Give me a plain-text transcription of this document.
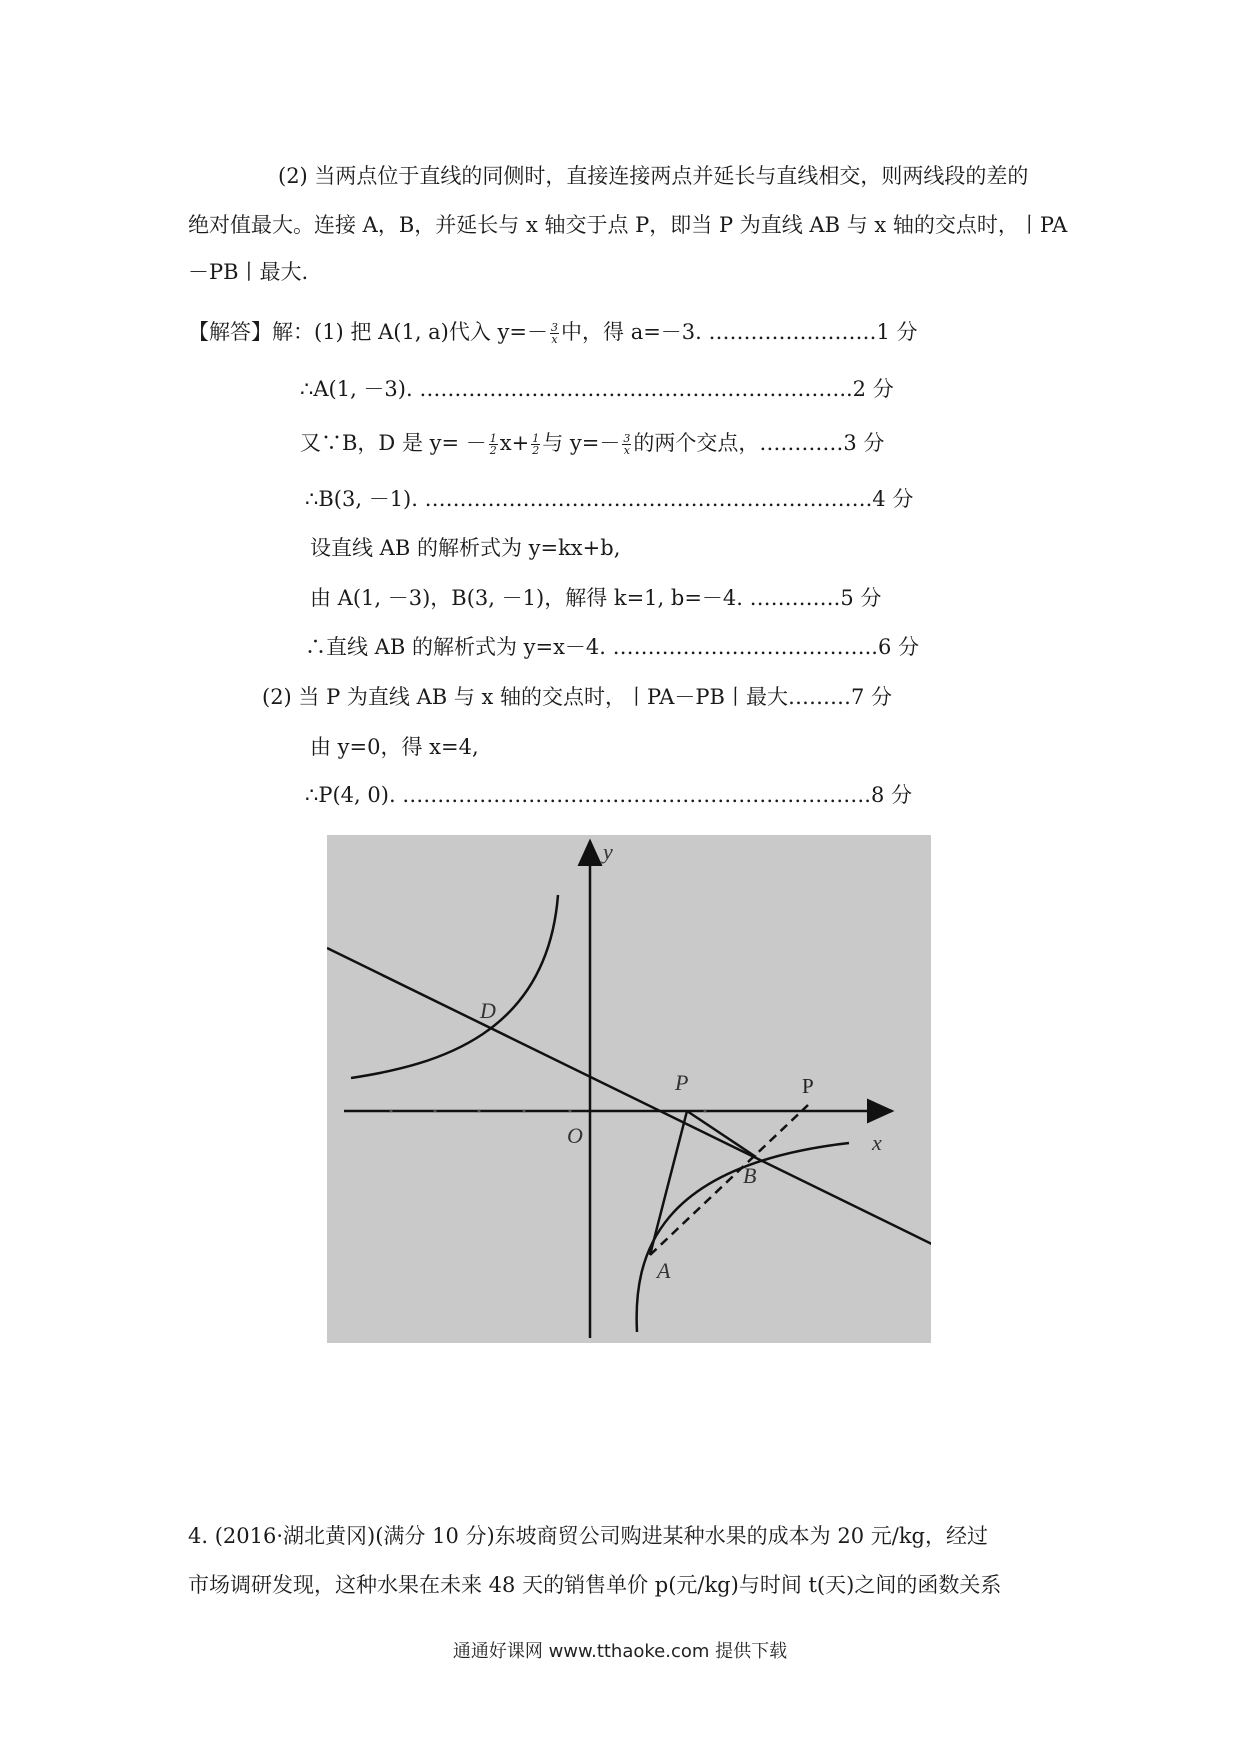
(2) 当两点位于直线的同侧时，直接连接两点并延长与直线相交，则两线段的差的
绝对值最大。连接 A，B，并延长与 x 轴交于点 P，即当 P 为直线 AB 与 x 轴的交点时，丨PA
－PB丨最大.
【解答】解：(1) 把 A(1, a)代入 $y=- \frac{3}{x}$ 中，得 a=－3. ……………………1 分
∴A(1, －3). ……………………………………………………..2 分
又∵B，D 是 $y= - \frac{1}{2} x+ \frac{1}{2}$ 与 $y=- \frac{3}{x}$ 的两个交点，…………3 分
∴B(3, －1). ……………………………………………………….4 分
设直线 AB 的解析式为 y=kx+b,
由 A(1, －3)，B(3, －1)，解得 k=1, b=－4. ………….5 分
∴直线 AB 的解析式为 y=x－4. ………………………………..6 分
(2) 当 P 为直线 AB 与 x 轴的交点时，丨PA－PB丨最大………7 分
由 y=0，得 x=4,
∴P(4, 0). ………………………………………………………….8 分
y
x
O
D
P	P
B
A
4. (2016·湖北黄冈)(满分 10 分)东坡商贸公司购进某种水果的成本为 20 元/kg，经过
市场调研发现，这种水果在未来 48 天的销售单价 p(元/kg)与时间 t(天)之间的函数关系
通通好课网 www.tthaoke.com 提供下载
